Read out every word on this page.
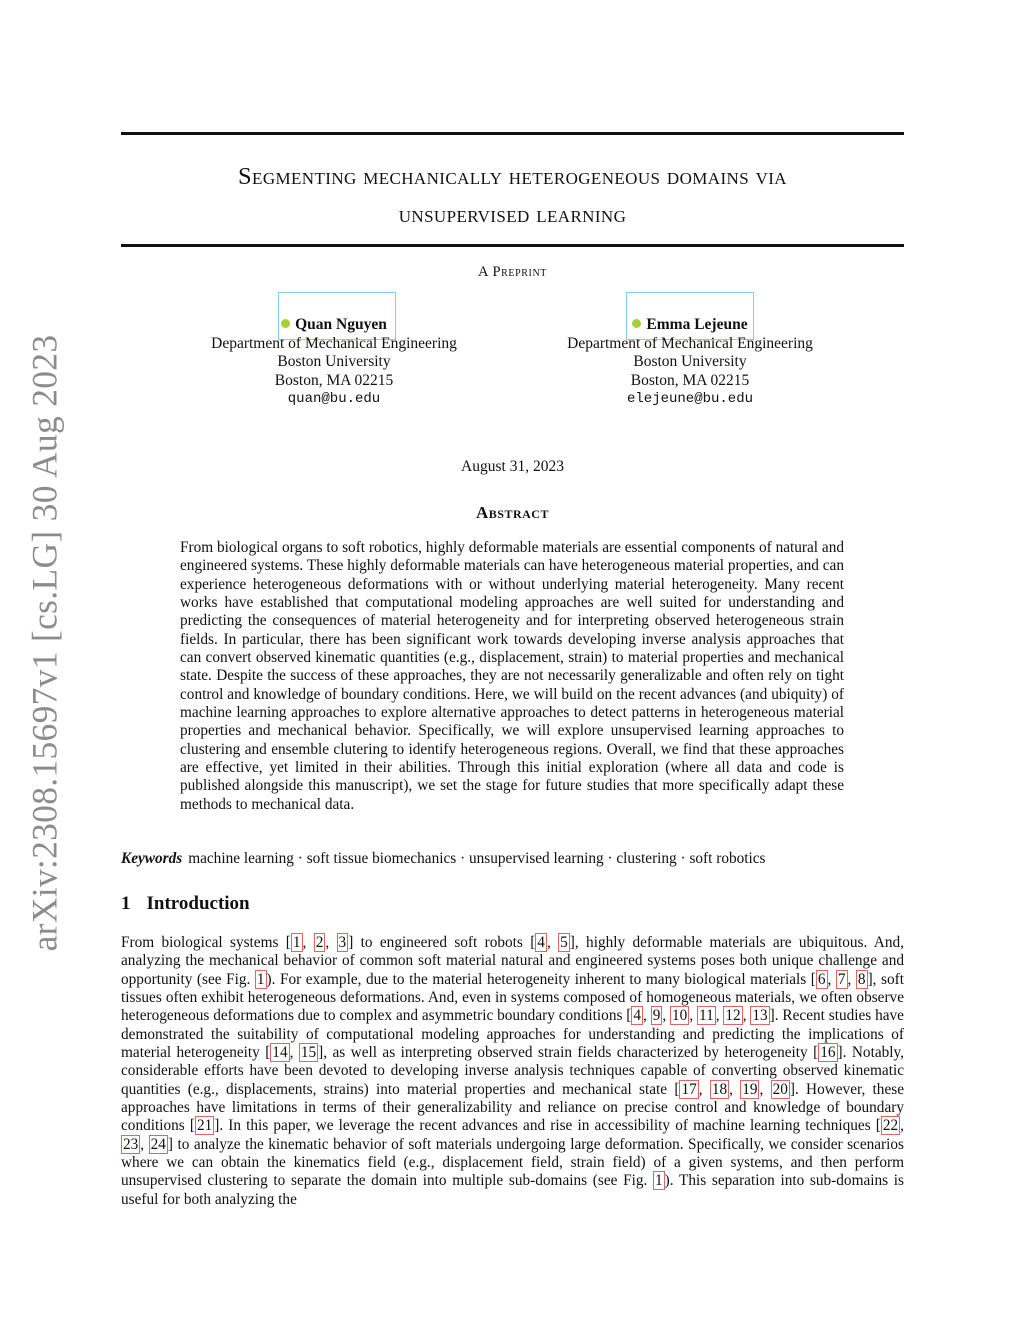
arXiv:2308.15697v1 [cs.LG] 30 Aug 2023
Segmenting mechanically heterogeneous domains via
unsupervised learning
A Preprint
Quan Nguyen
Department of Mechanical Engineering
Boston University
Boston, MA 02215
quan@bu.edu
Emma Lejeune
Department of Mechanical Engineering
Boston University
Boston, MA 02215
elejeune@bu.edu
August 31, 2023
Abstract
From biological organs to soft robotics, highly deformable materials are essential components of natural and engineered systems. These highly deformable materials can have heterogeneous material properties, and can experience heterogeneous deformations with or without underlying material heterogeneity. Many recent works have established that computational modeling approaches are well suited for understanding and predicting the consequences of material heterogeneity and for interpreting observed heterogeneous strain fields. In particular, there has been significant work towards developing inverse analysis approaches that can convert observed kinematic quantities (e.g., displacement, strain) to material properties and mechanical state. Despite the success of these approaches, they are not necessarily generalizable and often rely on tight control and knowledge of boundary conditions. Here, we will build on the recent advances (and ubiquity) of machine learning approaches to explore alternative approaches to detect patterns in heterogeneous material properties and mechanical behavior. Specifically, we will explore unsupervised learning approaches to clustering and ensemble clutering to identify heterogeneous regions. Overall, we find that these approaches are effective, yet limited in their abilities. Through this initial exploration (where all data and code is published alongside this manuscript), we set the stage for future studies that more specifically adapt these methods to mechanical data.
Keywords machine learning · soft tissue biomechanics · unsupervised learning · clustering · soft robotics
1 Introduction
From biological systems [ 1 , 2 , 3 ] to engineered soft robots [ 4 , 5 ], highly deformable materials are ubiquitous. And, analyzing the mechanical behavior of common soft material natural and engineered systems poses both unique challenge and opportunity (see Fig. 1 ). For example, due to the material heterogeneity inherent to many biological materials [ 6 , 7 , 8 ], soft tissues often exhibit heterogeneous deformations. And, even in systems composed of homogeneous materials, we often observe heterogeneous deformations due to complex and asymmetric boundary conditions [ 4 , 9 , 10 , 11 , 12 , 13 ]. Recent studies have demonstrated the suitability of computational modeling approaches for understanding and predicting the implications of material heterogeneity [ 14 , 15 ], as well as interpreting observed strain fields characterized by heterogeneity [ 16 ]. Notably, considerable efforts have been devoted to developing inverse analysis techniques capable of converting observed kinematic quantities (e.g., displacements, strains) into material properties and mechanical state [ 17 , 18 , 19 , 20 ]. However, these approaches have limitations in terms of their generalizability and reliance on precise control and knowledge of boundary conditions [ 21 ]. In this paper, we leverage the recent advances and rise in accessibility of machine learning techniques [ 22 , 23 , 24 ] to analyze the kinematic behavior of soft materials undergoing large deformation. Specifically, we consider scenarios where we can obtain the kinematics field (e.g., displacement field, strain field) of a given systems, and then perform unsupervised clustering to separate the domain into multiple sub-domains (see Fig. 1 ). This separation into sub-domains is useful for both analyzing the
